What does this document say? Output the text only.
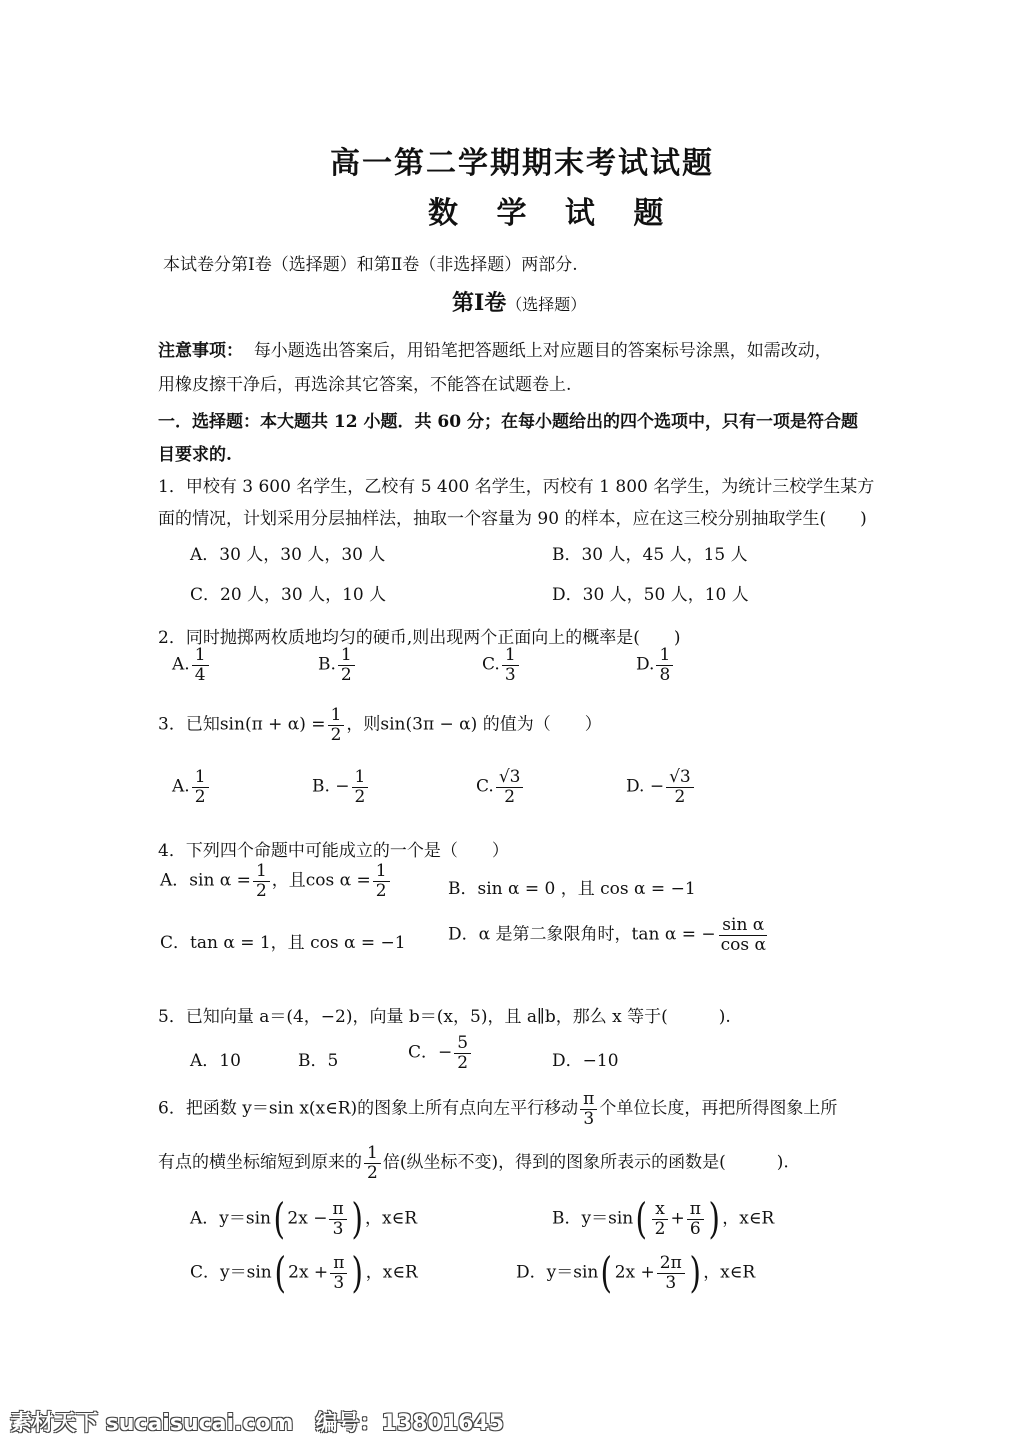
高一第二学期期末考试试题
数 学 试 题
本试卷分第Ⅰ卷（选择题）和第Ⅱ卷（非选择题）两部分.
第Ⅰ卷（选择题）
注意事项： 每小题选出答案后，用铅笔把答题纸上对应题目的答案标号涂黑，如需改动，
用橡皮擦干净后，再选涂其它答案，不能答在试题卷上.
一．选择题：本大题共 12 小题．共 60 分；在每小题给出的四个选项中，只有一项是符合题
目要求的.
1．甲校有 3 600 名学生，乙校有 5 400 名学生，丙校有 1 800 名学生，为统计三校学生某方
面的情况，计划采用分层抽样法，抽取一个容量为 90 的样本，应在这三校分别抽取学生(　　)
A．30 人，30 人，30 人	B．30 人，45 人，15 人
C．20 人，30 人，10 人	D．30 人，50 人，10 人
2．同时抛掷两枚质地均匀的硬币,则出现两个正面向上的概率是(　　)
A. $\frac{1}{4}$	B. $\frac{1}{2}$	C. $\frac{1}{3}$	D. $\frac{1}{8}$
3．已知$\sin(\pi + \alpha) = \frac{1}{2}$ ，则sin(3π − α) 的值为（　　）
A. $\frac{1}{2}$	B. − $\frac{1}{2}$	C. $\frac{√3}{2}$	D. − $\frac{√3}{2}$
4．下列四个命题中可能成立的一个是（　　）
A．$\sin \alpha = \frac{1}{2}$ ，且$\cos \alpha = \frac{1}{2}$	B．sin α = 0 ，且 cos α = −1
C．tan α = 1，且 cos α = −1 D．α 是第二象限角时，tan α = − $\frac{\text{sin α}}{\text{cos α}}$
5．已知向量 a＝(4，−2)，向量 b＝(x，5)，且 a∥b，那么 x 等于(　　　).
A．10	B．5	C．− $\frac{5}{2}$	D．−10
6．把函数 y＝sin x(x∈R)的图象上所有点向左平行移动 $\frac{\pi}{3}$ 个单位长度，再把所得图象上所
有点的横坐标缩短到原来的 $\frac{1}{2}$ 倍(纵坐标不变)，得到的图象所表示的函数是(　　　).
A．y＝sin( $2x - \frac{\pi}{3}$ ) ，x∈R	B．$y=\sin( \frac{x}{2} + \frac{\pi}{6}$ ) ，x∈R
C．y＝sin( $2x + \frac{\pi}{3}$ ) ，x∈R	D．y＝sin( $2x + \frac{2\pi}{3}$ ) ，x∈R
素材天下 sucaisucai.com　编号：13801645
